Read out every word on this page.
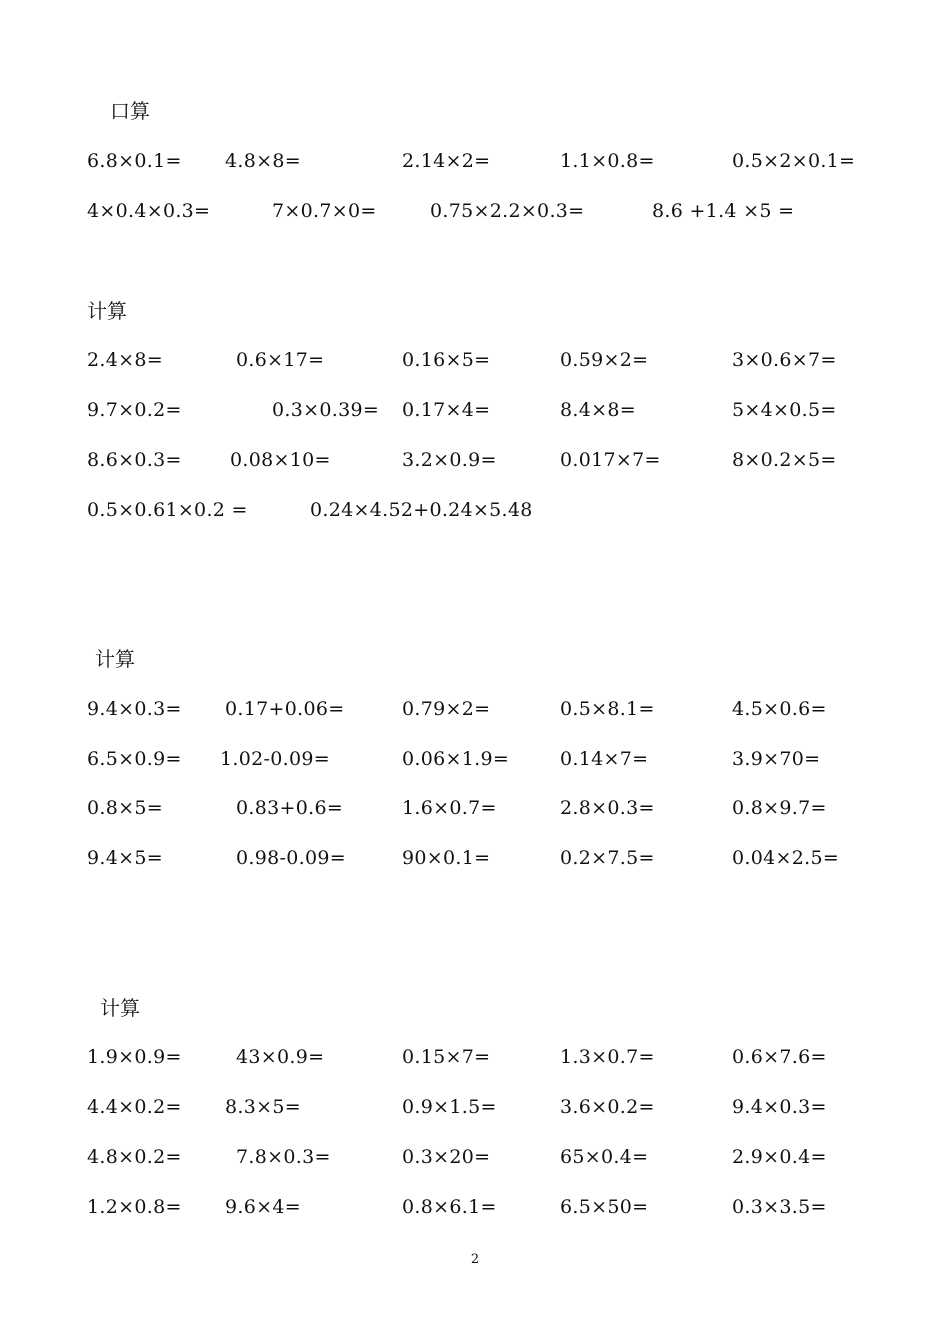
口算
6.8×0.1= 4.8×8=	2.14×2=	1.1×0.8=	0.5×2×0.1=
4×0.4×0.3=	7×0.7×0=	0.75×2.2×0.3=	8.6 +1.4 ×5 =
计算
2.4×8=	0.6×17=	0.16×5=	0.59×2=	3×0.6×7=
9.7×0.2=	0.3×0.39= 0.17×4=	8.4×8=	5×4×0.5=
8.6×0.3=	0.08×10=	3.2×0.9=	0.017×7=	8×0.2×5=
0.5×0.61×0.2 =	0.24×4.52+0.24×5.48
计算
9.4×0.3= 0.17+0.06=	0.79×2=	0.5×8.1=	4.5×0.6=
6.5×0.9= 1.02-0.09=	0.06×1.9=	0.14×7=	3.9×70=
0.8×5=	0.83+0.6=	1.6×0.7=	2.8×0.3=	0.8×9.7=
9.4×5=	0.98-0.09=	90×0.1=	0.2×7.5=	0.04×2.5=
计算
1.9×0.9=	43×0.9=	0.15×7=	1.3×0.7=	0.6×7.6=
4.4×0.2= 8.3×5=	0.9×1.5=	3.6×0.2=	9.4×0.3=
4.8×0.2=	7.8×0.3=	0.3×20=	65×0.4=	2.9×0.4=
1.2×0.8= 9.6×4=	0.8×6.1=	6.5×50=	0.3×3.5=
2
